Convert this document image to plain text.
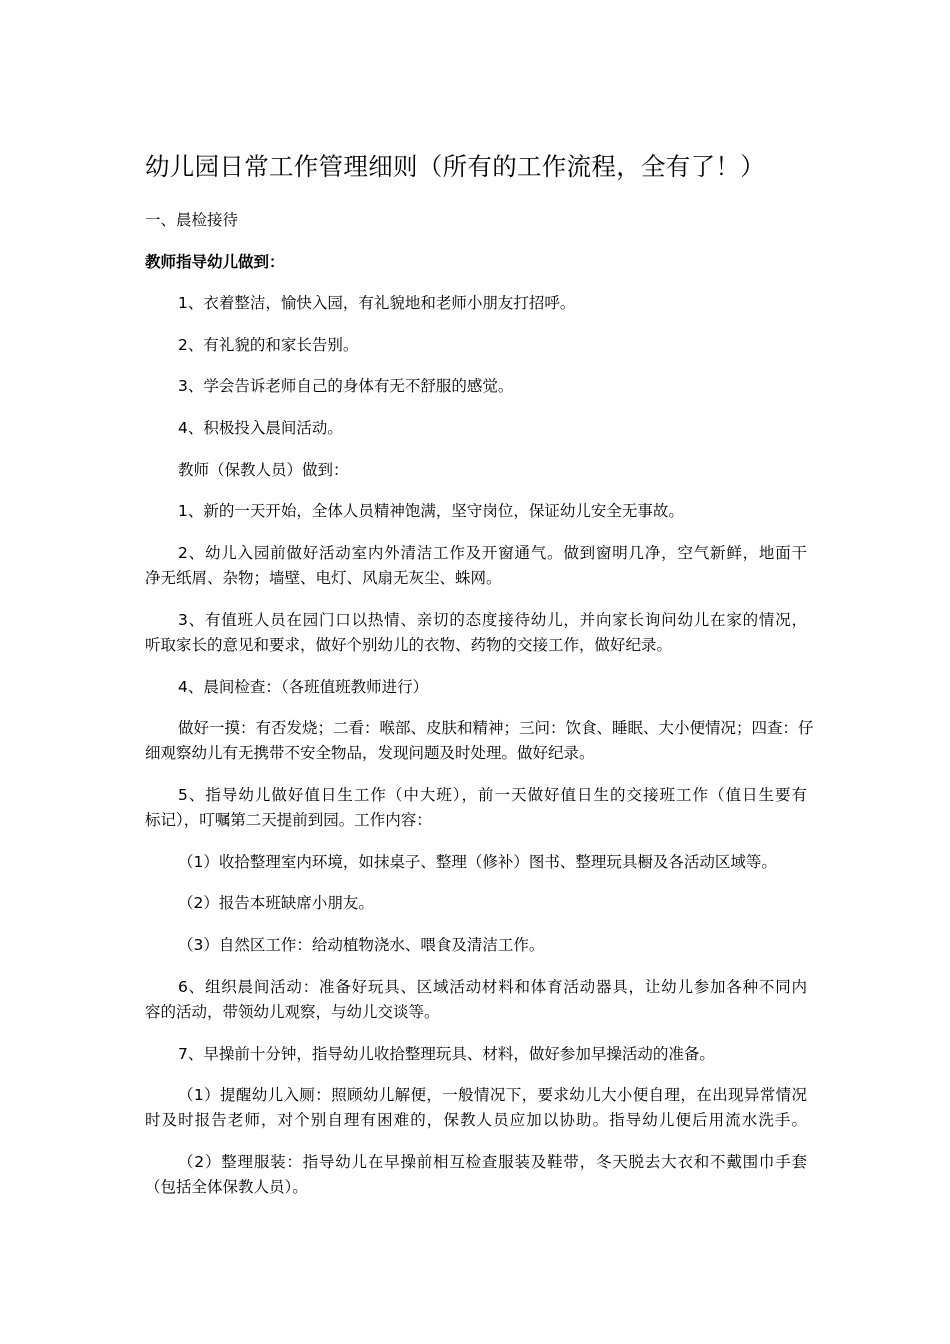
幼儿园日常工作管理细则（所有的工作流程，全有了！）

一、晨检接待

教师指导幼儿做到：

1、衣着整洁，愉快入园，有礼貌地和老师小朋友打招呼。

2、有礼貌的和家长告别。

3、学会告诉老师自己的身体有无不舒服的感觉。

4、积极投入晨间活动。

教师（保教人员）做到：

1、新的一天开始，全体人员精神饱满，坚守岗位，保证幼儿安全无事故。

2、幼儿入园前做好活动室内外清洁工作及开窗通气。做到窗明几净，空气新鲜，地面干

净无纸屑、杂物；墙壁、电灯、风扇无灰尘、蛛网。

3、有值班人员在园门口以热情、亲切的态度接待幼儿，并向家长询问幼儿在家的情况，

听取家长的意见和要求，做好个别幼儿的衣物、药物的交接工作，做好纪录。

4、晨间检查：（各班值班教师进行）

做好一摸：有否发烧；二看：喉部、皮肤和精神；三问：饮食、睡眠、大小便情况；四查：仔

细观察幼儿有无携带不安全物品，发现问题及时处理。做好纪录。

5、指导幼儿做好值日生工作（中大班），前一天做好值日生的交接班工作（值日生要有

标记），叮嘱第二天提前到园。工作内容：

（1）收拾整理室内环境，如抹桌子、整理（修补）图书、整理玩具橱及各活动区域等。

（2）报告本班缺席小朋友。

（3）自然区工作：给动植物浇水、喂食及清洁工作。

6、组织晨间活动：准备好玩具、区域活动材料和体育活动器具，让幼儿参加各种不同内

容的活动，带领幼儿观察，与幼儿交谈等。

7、早操前十分钟，指导幼儿收拾整理玩具、材料，做好参加早操活动的准备。

（1）提醒幼儿入厕：照顾幼儿解便，一般情况下，要求幼儿大小便自理，在出现异常情况

时及时报告老师，对个别自理有困难的，保教人员应加以协助。指导幼儿便后用流水洗手。

（2）整理服装：指导幼儿在早操前相互检查服装及鞋带，冬天脱去大衣和不戴围巾手套

（包括全体保教人员）。
